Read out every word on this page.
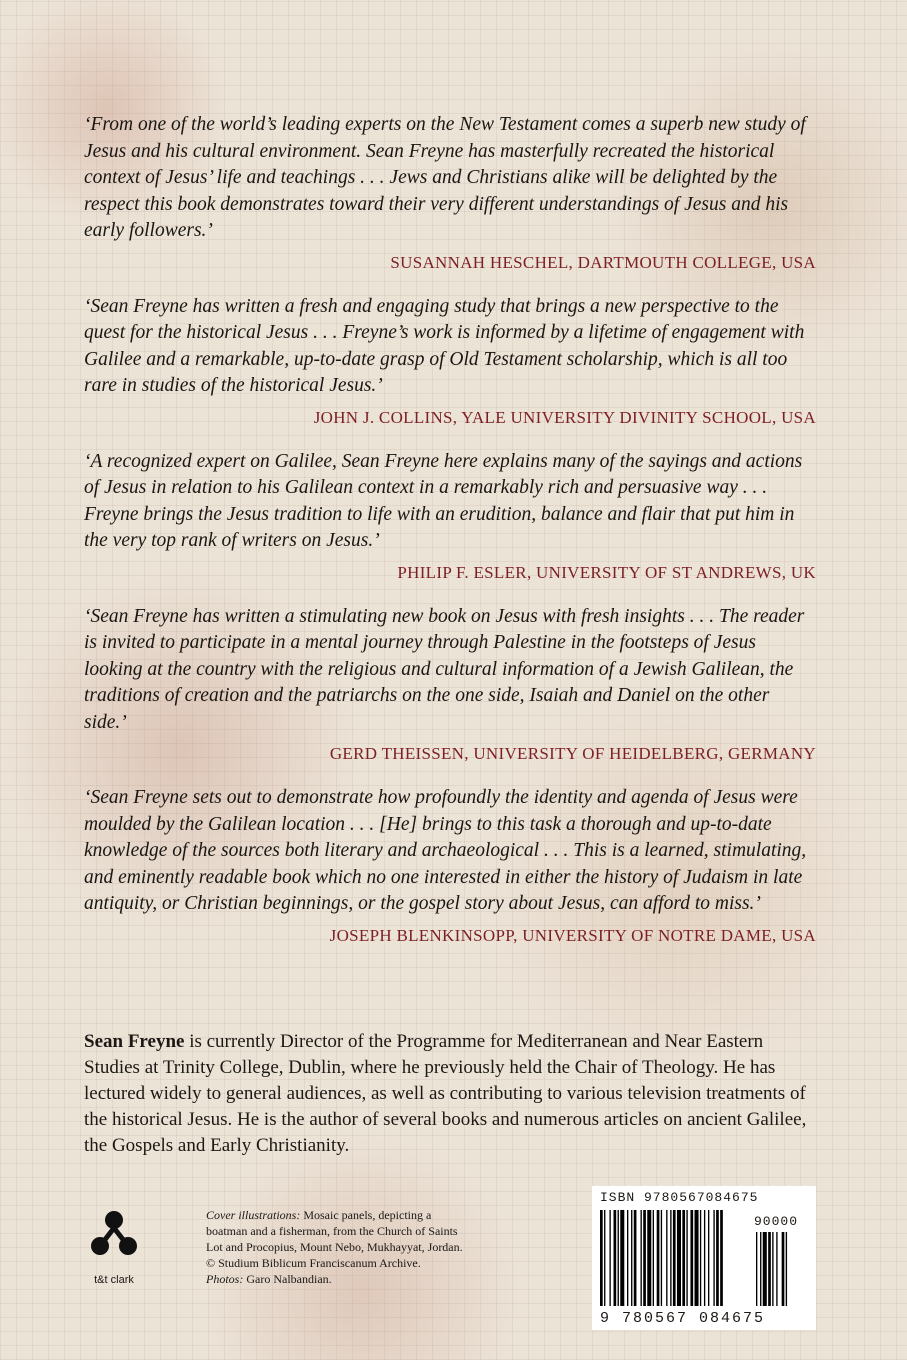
‘From one of the world’s leading experts on the New Testament comes a superb new study of Jesus and his cultural environment. Sean Freyne has masterfully recreated the historical context of Jesus’ life and teachings . . . Jews and Christians alike will be delighted by the respect this book demonstrates toward their very different understandings of Jesus and his early followers.’

SUSANNAH HESCHEL, DARTMOUTH COLLEGE, USA

‘Sean Freyne has written a fresh and engaging study that brings a new perspective to the quest for the historical Jesus . . . Freyne’s work is informed by a lifetime of engagement with Galilee and a remarkable, up-to-date grasp of Old Testament scholarship, which is all too rare in studies of the historical Jesus.’

JOHN J. COLLINS, YALE UNIVERSITY DIVINITY SCHOOL, USA

‘A recognized expert on Galilee, Sean Freyne here explains many of the sayings and actions of Jesus in relation to his Galilean context in a remarkably rich and persuasive way . . . Freyne brings the Jesus tradition to life with an erudition, balance and flair that put him in the very top rank of writers on Jesus.’

PHILIP F. ESLER, UNIVERSITY OF ST ANDREWS, UK

‘Sean Freyne has written a stimulating new book on Jesus with fresh insights . . . The reader is invited to participate in a mental journey through Palestine in the footsteps of Jesus looking at the country with the religious and cultural information of a Jewish Galilean, the traditions of creation and the patriarchs on the one side, Isaiah and Daniel on the other side.’

GERD THEISSEN, UNIVERSITY OF HEIDELBERG, GERMANY

‘Sean Freyne sets out to demonstrate how profoundly the identity and agenda of Jesus were moulded by the Galilean location . . . [He] brings to this task a thorough and up-to-date knowledge of the sources both literary and archaeological . . . This is a learned, stimulating, and eminently readable book which no one interested in either the history of Judaism in late antiquity, or Christian beginnings, or the gospel story about Jesus, can afford to miss.’

JOSEPH BLENKINSOPP, UNIVERSITY OF NOTRE DAME, USA

Sean Freyne is currently Director of the Programme for Mediterranean and Near Eastern Studies at Trinity College, Dublin, where he previously held the Chair of Theology. He has lectured widely to general audiences, as well as contributing to various television treatments of the historical Jesus. He is the author of several books and numerous articles on ancient Galilee, the Gospels and Early Christianity.

t&t clark
Cover illustrations: Mosaic panels, depicting a boatman and a fisherman, from the Church of Saints Lot and Procopius, Mount Nebo, Mukhayyat, Jordan.
© Studium Biblicum Franciscanum Archive.
Photos: Garo Nalbandian.
ISBN 9780567084675
90000
9 780567 084675
